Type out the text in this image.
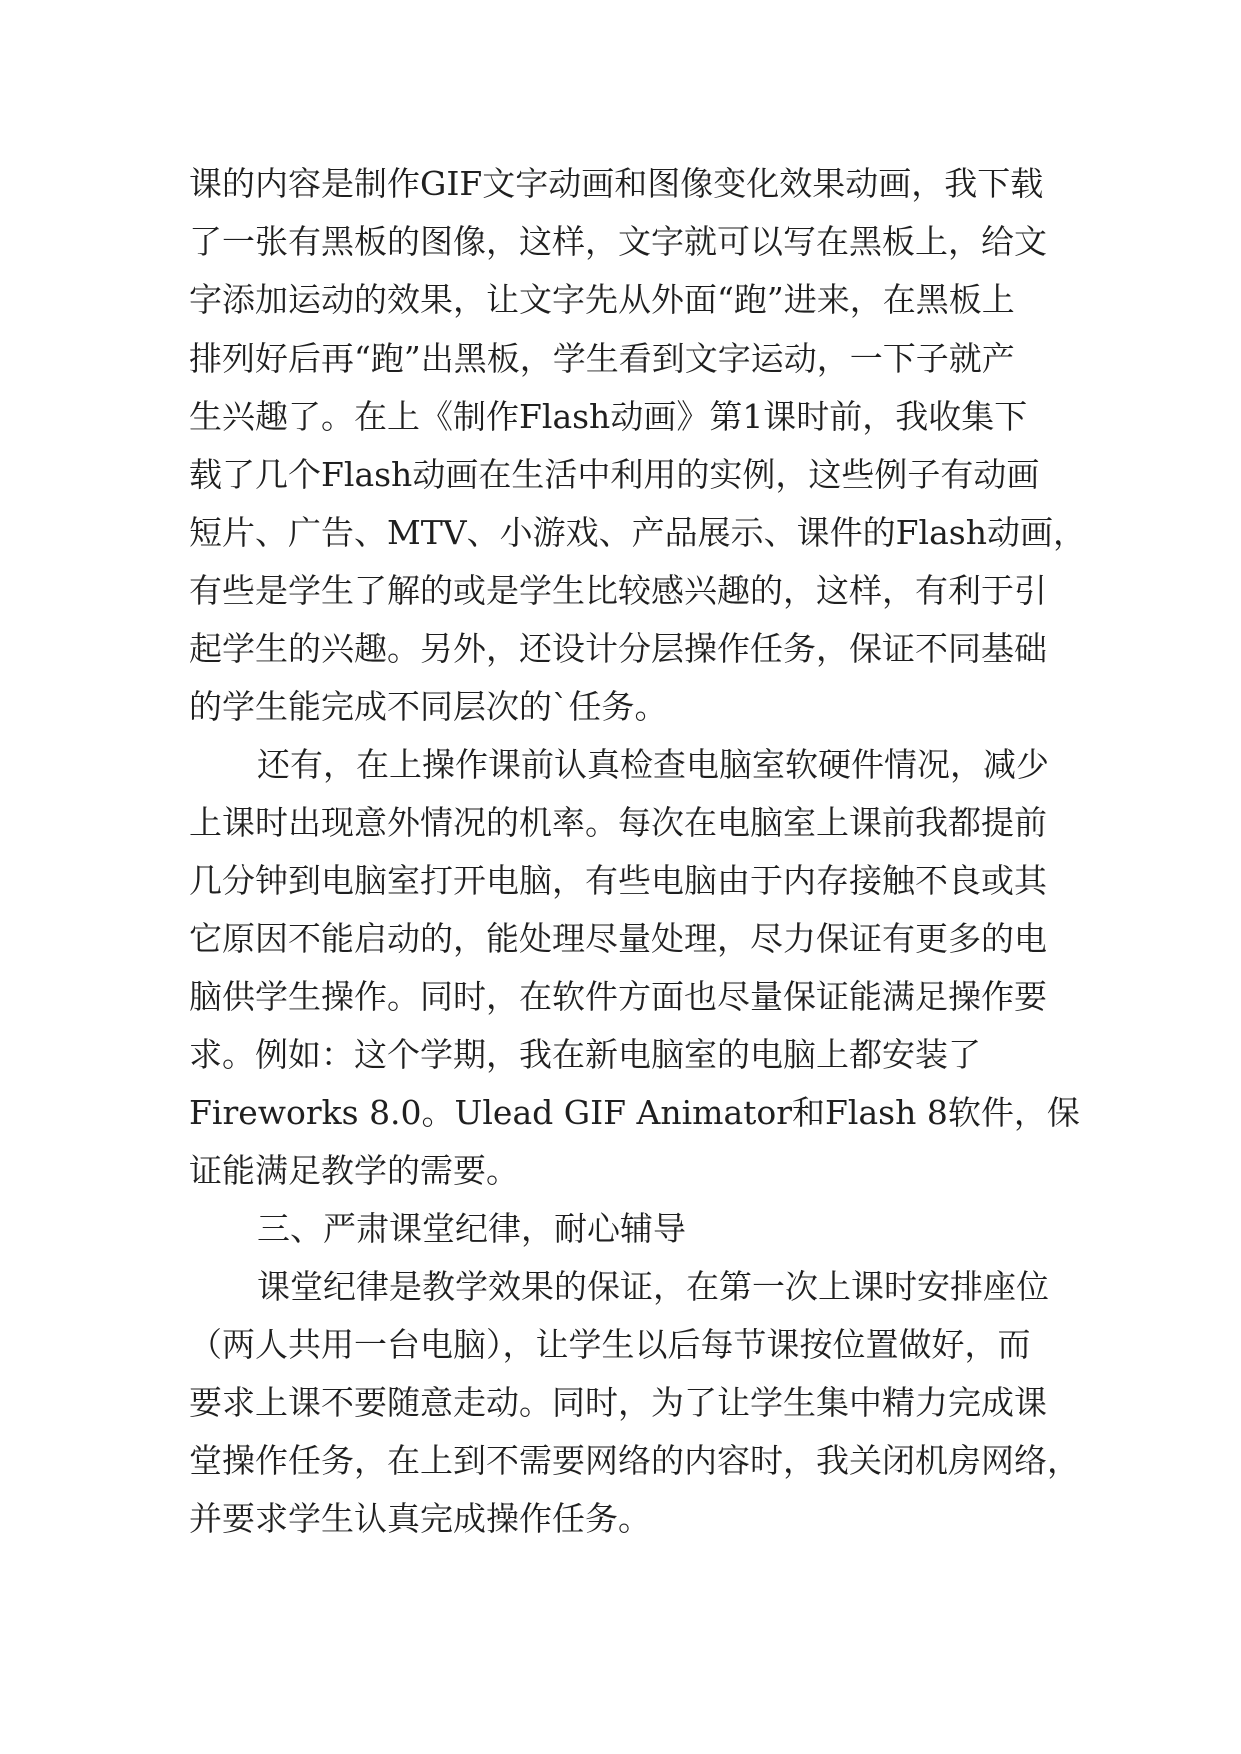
课的内容是制作GIF文字动画和图像变化效果动画，我下载
了一张有黑板的图像，这样，文字就可以写在黑板上，给文
字添加运动的效果，让文字先从外面“跑”进来，在黑板上
排列好后再“跑”出黑板，学生看到文字运动，一下子就产
生兴趣了。在上《制作Flash动画》第1课时前，我收集下
载了几个Flash动画在生活中利用的实例，这些例子有动画
短片、广告、MTV、小游戏、产品展示、课件的Flash动画，
有些是学生了解的或是学生比较感兴趣的，这样，有利于引
起学生的兴趣。另外，还设计分层操作任务，保证不同基础
的学生能完成不同层次的`任务。
还有，在上操作课前认真检查电脑室软硬件情况，减少
上课时出现意外情况的机率。每次在电脑室上课前我都提前
几分钟到电脑室打开电脑，有些电脑由于内存接触不良或其
它原因不能启动的，能处理尽量处理，尽力保证有更多的电
脑供学生操作。同时，在软件方面也尽量保证能满足操作要
求。例如：这个学期，我在新电脑室的电脑上都安装了
Fireworks 8.0。Ulead GIF Animator和Flash 8软件，保
证能满足教学的需要。
三、严肃课堂纪律，耐心辅导
课堂纪律是教学效果的保证，在第一次上课时安排座位
（两人共用一台电脑），让学生以后每节课按位置做好，而
要求上课不要随意走动。同时，为了让学生集中精力完成课
堂操作任务，在上到不需要网络的内容时，我关闭机房网络，
并要求学生认真完成操作任务。
